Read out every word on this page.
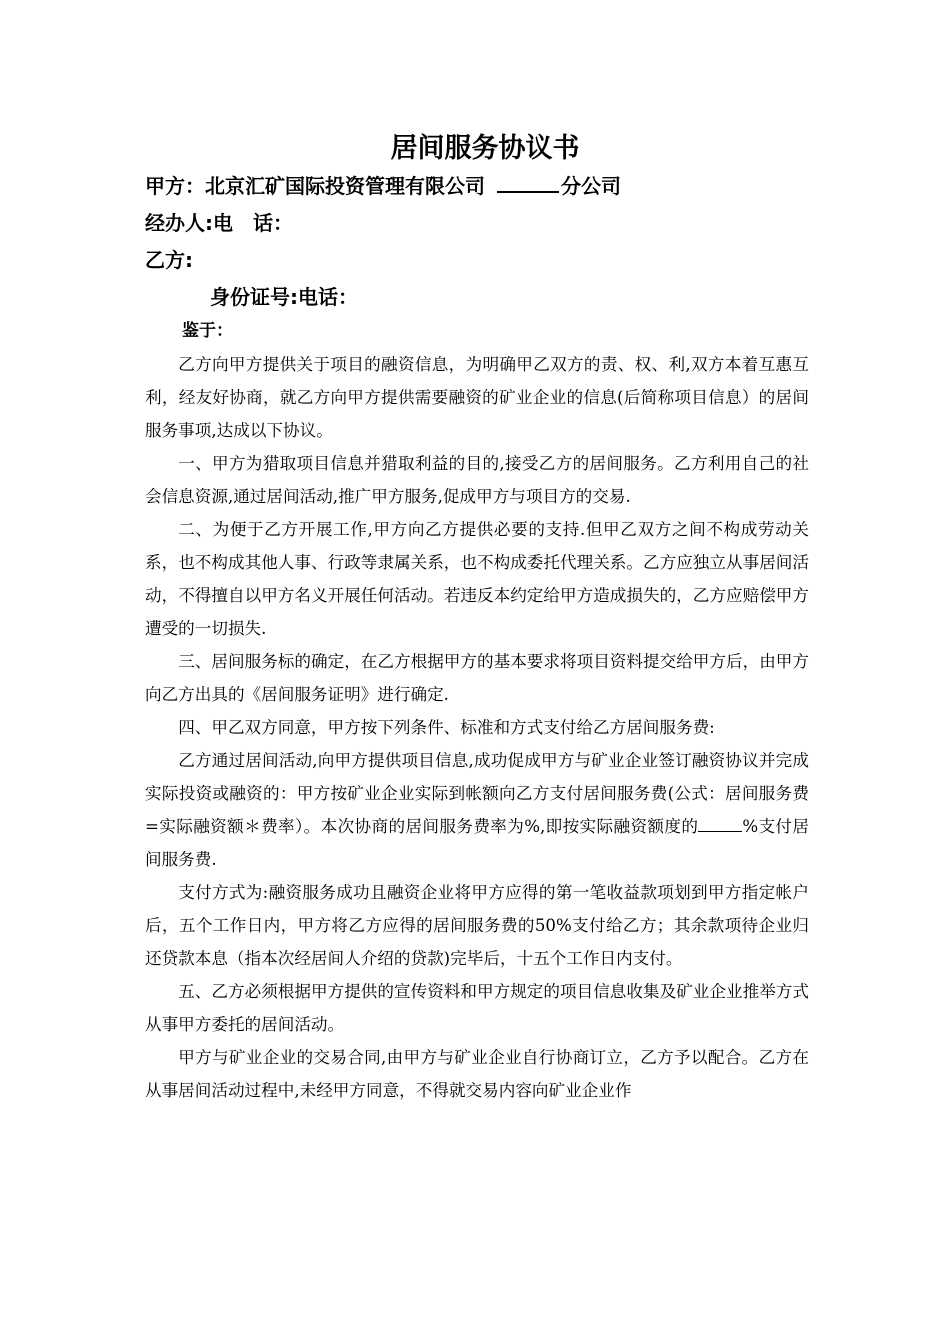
居间服务协议书

甲方：北京汇矿国际投资管理有限公司	分公司

经办人:电　话：

乙方:

身份证号:电话：

鉴于：

乙方向甲方提供关于项目的融资信息，为明确甲乙双方的责、权、利,双方本着互惠互利，经友好协商，就乙方向甲方提供需要融资的矿业企业的信息(后简称项目信息）的居间服务事项,达成以下协议。

一、甲方为猎取项目信息并猎取利益的目的,接受乙方的居间服务。乙方利用自己的社会信息资源,通过居间活动,推广甲方服务,促成甲方与项目方的交易.

二、为便于乙方开展工作,甲方向乙方提供必要的支持.但甲乙双方之间不构成劳动关系，也不构成其他人事、行政等隶属关系，也不构成委托代理关系。乙方应独立从事居间活动，不得擅自以甲方名义开展任何活动。若违反本约定给甲方造成损失的，乙方应赔偿甲方遭受的一切损失.

三、居间服务标的确定，在乙方根据甲方的基本要求将项目资料提交给甲方后，由甲方向乙方出具的《居间服务证明》进行确定.

四、甲乙双方同意，甲方按下列条件、标准和方式支付给乙方居间服务费:

乙方通过居间活动,向甲方提供项目信息,成功促成甲方与矿业企业签订融资协议并完成实际投资或融资的：甲方按矿业企业实际到帐额向乙方支付居间服务费(公式：居间服务费=实际融资额＊费率）。本次协商的居间服务费率为%,即按实际融资额度的	%支付居间服务费.

支付方式为:融资服务成功且融资企业将甲方应得的第一笔收益款项划到甲方指定帐户后，五个工作日内，甲方将乙方应得的居间服务费的50%支付给乙方；其余款项待企业归还贷款本息（指本次经居间人介绍的贷款)完毕后，十五个工作日内支付。

五、乙方必须根据甲方提供的宣传资料和甲方规定的项目信息收集及矿业企业推举方式从事甲方委托的居间活动。

甲方与矿业企业的交易合同,由甲方与矿业企业自行协商订立，乙方予以配合。乙方在从事居间活动过程中,未经甲方同意，不得就交易内容向矿业企业作
